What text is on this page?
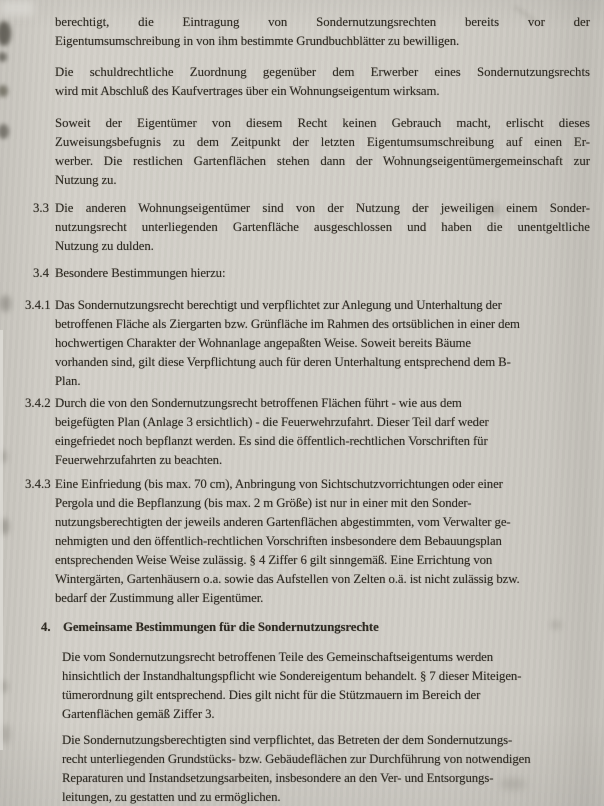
berechtigt, die Eintragung von Sondernutzungsrechten bereits vor der
Eigentumsumschreibung in von ihm bestimmte Grundbuchblätter zu bewilligen.
Die schuldrechtliche Zuordnung gegenüber dem Erwerber eines Sondernutzungsrechts
wird mit Abschluß des Kaufvertrages über ein Wohnungseigentum wirksam.
Soweit der Eigentümer von diesem Recht keinen Gebrauch macht, erlischt dieses
Zuweisungsbefugnis zu dem Zeitpunkt der letzten Eigentumsumschreibung auf einen Er-
werber. Die restlichen Gartenflächen stehen dann der Wohnungseigentümergemeinschaft zur
Nutzung zu.
3.3 Die anderen Wohnungseigentümer sind von der Nutzung der jeweiligen einem Sonder-
nutzungsrecht unterliegenden Gartenfläche ausgeschlossen und haben die unentgeltliche
Nutzung zu dulden.
3.4 Besondere Bestimmungen hierzu:
3.4.1 Das Sondernutzungsrecht berechtigt und verpflichtet zur Anlegung und Unterhaltung der
betroffenen Fläche als Ziergarten bzw. Grünfläche im Rahmen des ortsüblichen in einer dem
hochwertigen Charakter der Wohnanlage angepaßten Weise. Soweit bereits Bäume
vorhanden sind, gilt diese Verpflichtung auch für deren Unterhaltung entsprechend dem B-
Plan.
3.4.2 Durch die von den Sondernutzungsrecht betroffenen Flächen führt - wie aus dem
beigefügten Plan (Anlage 3 ersichtlich) - die Feuerwehrzufahrt. Dieser Teil darf weder
eingefriedet noch bepflanzt werden. Es sind die öffentlich-rechtlichen Vorschriften für
Feuerwehrzufahrten zu beachten.
3.4.3 Eine Einfriedung (bis max. 70 cm), Anbringung von Sichtschutzvorrichtungen oder einer
Pergola und die Bepflanzung (bis max. 2 m Größe) ist nur in einer mit den Sonder-
nutzungsberechtigten der jeweils anderen Gartenflächen abgestimmten, vom Verwalter ge-
nehmigten und den öffentlich-rechtlichen Vorschriften insbesondere dem Bebauungsplan
entsprechenden Weise Weise zulässig. § 4 Ziffer 6 gilt sinngemäß. Eine Errichtung von
Wintergärten, Gartenhäusern o.a. sowie das Aufstellen von Zelten o.ä. ist nicht zulässig bzw.
bedarf der Zustimmung aller Eigentümer.
4. Gemeinsame Bestimmungen für die Sondernutzungsrechte
Die vom Sondernutzungsrecht betroffenen Teile des Gemeinschaftseigentums werden
hinsichtlich der Instandhaltungspflicht wie Sondereigentum behandelt. § 7 dieser Miteigen-
tümerordnung gilt entsprechend. Dies gilt nicht für die Stützmauern im Bereich der
Gartenflächen gemäß Ziffer 3.
Die Sondernutzungsberechtigten sind verpflichtet, das Betreten der dem Sondernutzungs-
recht unterliegenden Grundstücks- bzw. Gebäudeflächen zur Durchführung von notwendigen
Reparaturen und Instandsetzungsarbeiten, insbesondere an den Ver- und Entsorgungs-
leitungen, zu gestatten und zu ermöglichen.
